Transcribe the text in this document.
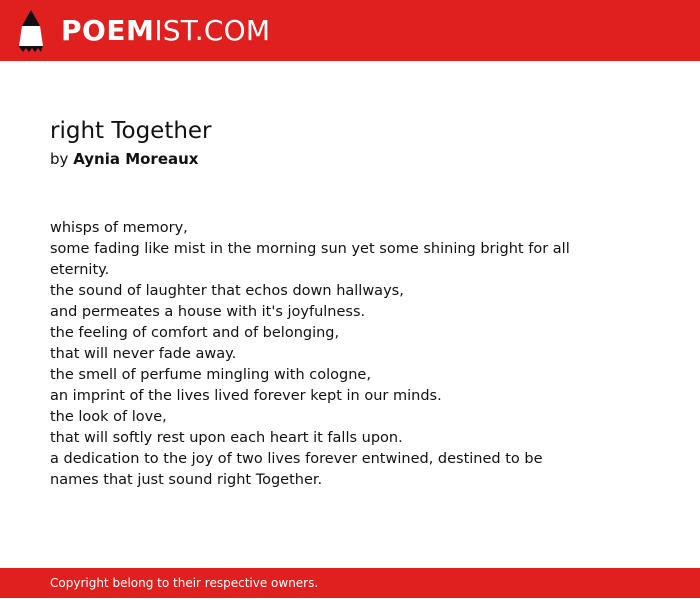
POEMIST.COM
right Together
by Aynia Moreaux
whisps of memory,
some fading like mist in the morning sun yet some shining bright for all eternity.
the sound of laughter that echos down hallways,
and permeates a house with it's joyfulness.
the feeling of comfort and of belonging,
that will never fade away.
the smell of perfume mingling with cologne,
an imprint of the lives lived forever kept in our minds.
the look of love,
that will softly rest upon each heart it falls upon.
a dedication to the joy of two lives forever entwined, destined to be names that just sound right Together.
Copyright belong to their respective owners.
